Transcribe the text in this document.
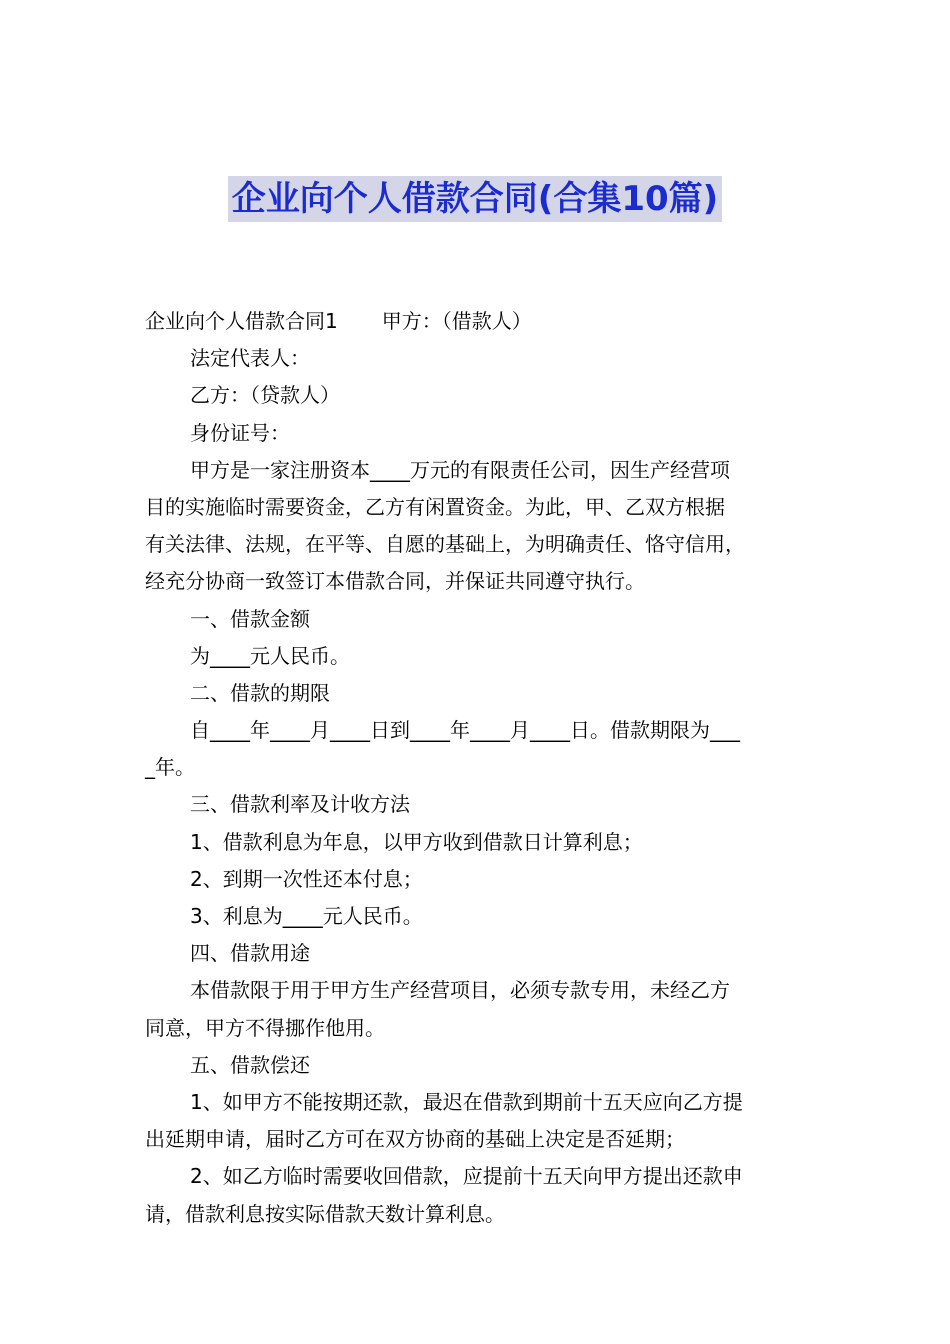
企业向个人借款合同(合集10篇)
企业向个人借款合同1 甲方：（借款人）
法定代表人：
乙方：（贷款人）
身份证号：
甲方是一家注册资本____万元的有限责任公司，因生产经营项
目的实施临时需要资金，乙方有闲置资金。为此，甲、乙双方根据
有关法律、法规，在平等、自愿的基础上，为明确责任、恪守信用，
经充分协商一致签订本借款合同，并保证共同遵守执行。
一、借款金额
为____元人民币。
二、借款的期限
自____年____月____日到____年____月____日。借款期限为___
_年。
三、借款利率及计收方法
1、借款利息为年息，以甲方收到借款日计算利息；
2、到期一次性还本付息；
3、利息为____元人民币。
四、借款用途
本借款限于用于甲方生产经营项目，必须专款专用，未经乙方
同意，甲方不得挪作他用。
五、借款偿还
1、如甲方不能按期还款，最迟在借款到期前十五天应向乙方提
出延期申请，届时乙方可在双方协商的基础上决定是否延期；
2、如乙方临时需要收回借款，应提前十五天向甲方提出还款申
请，借款利息按实际借款天数计算利息。
